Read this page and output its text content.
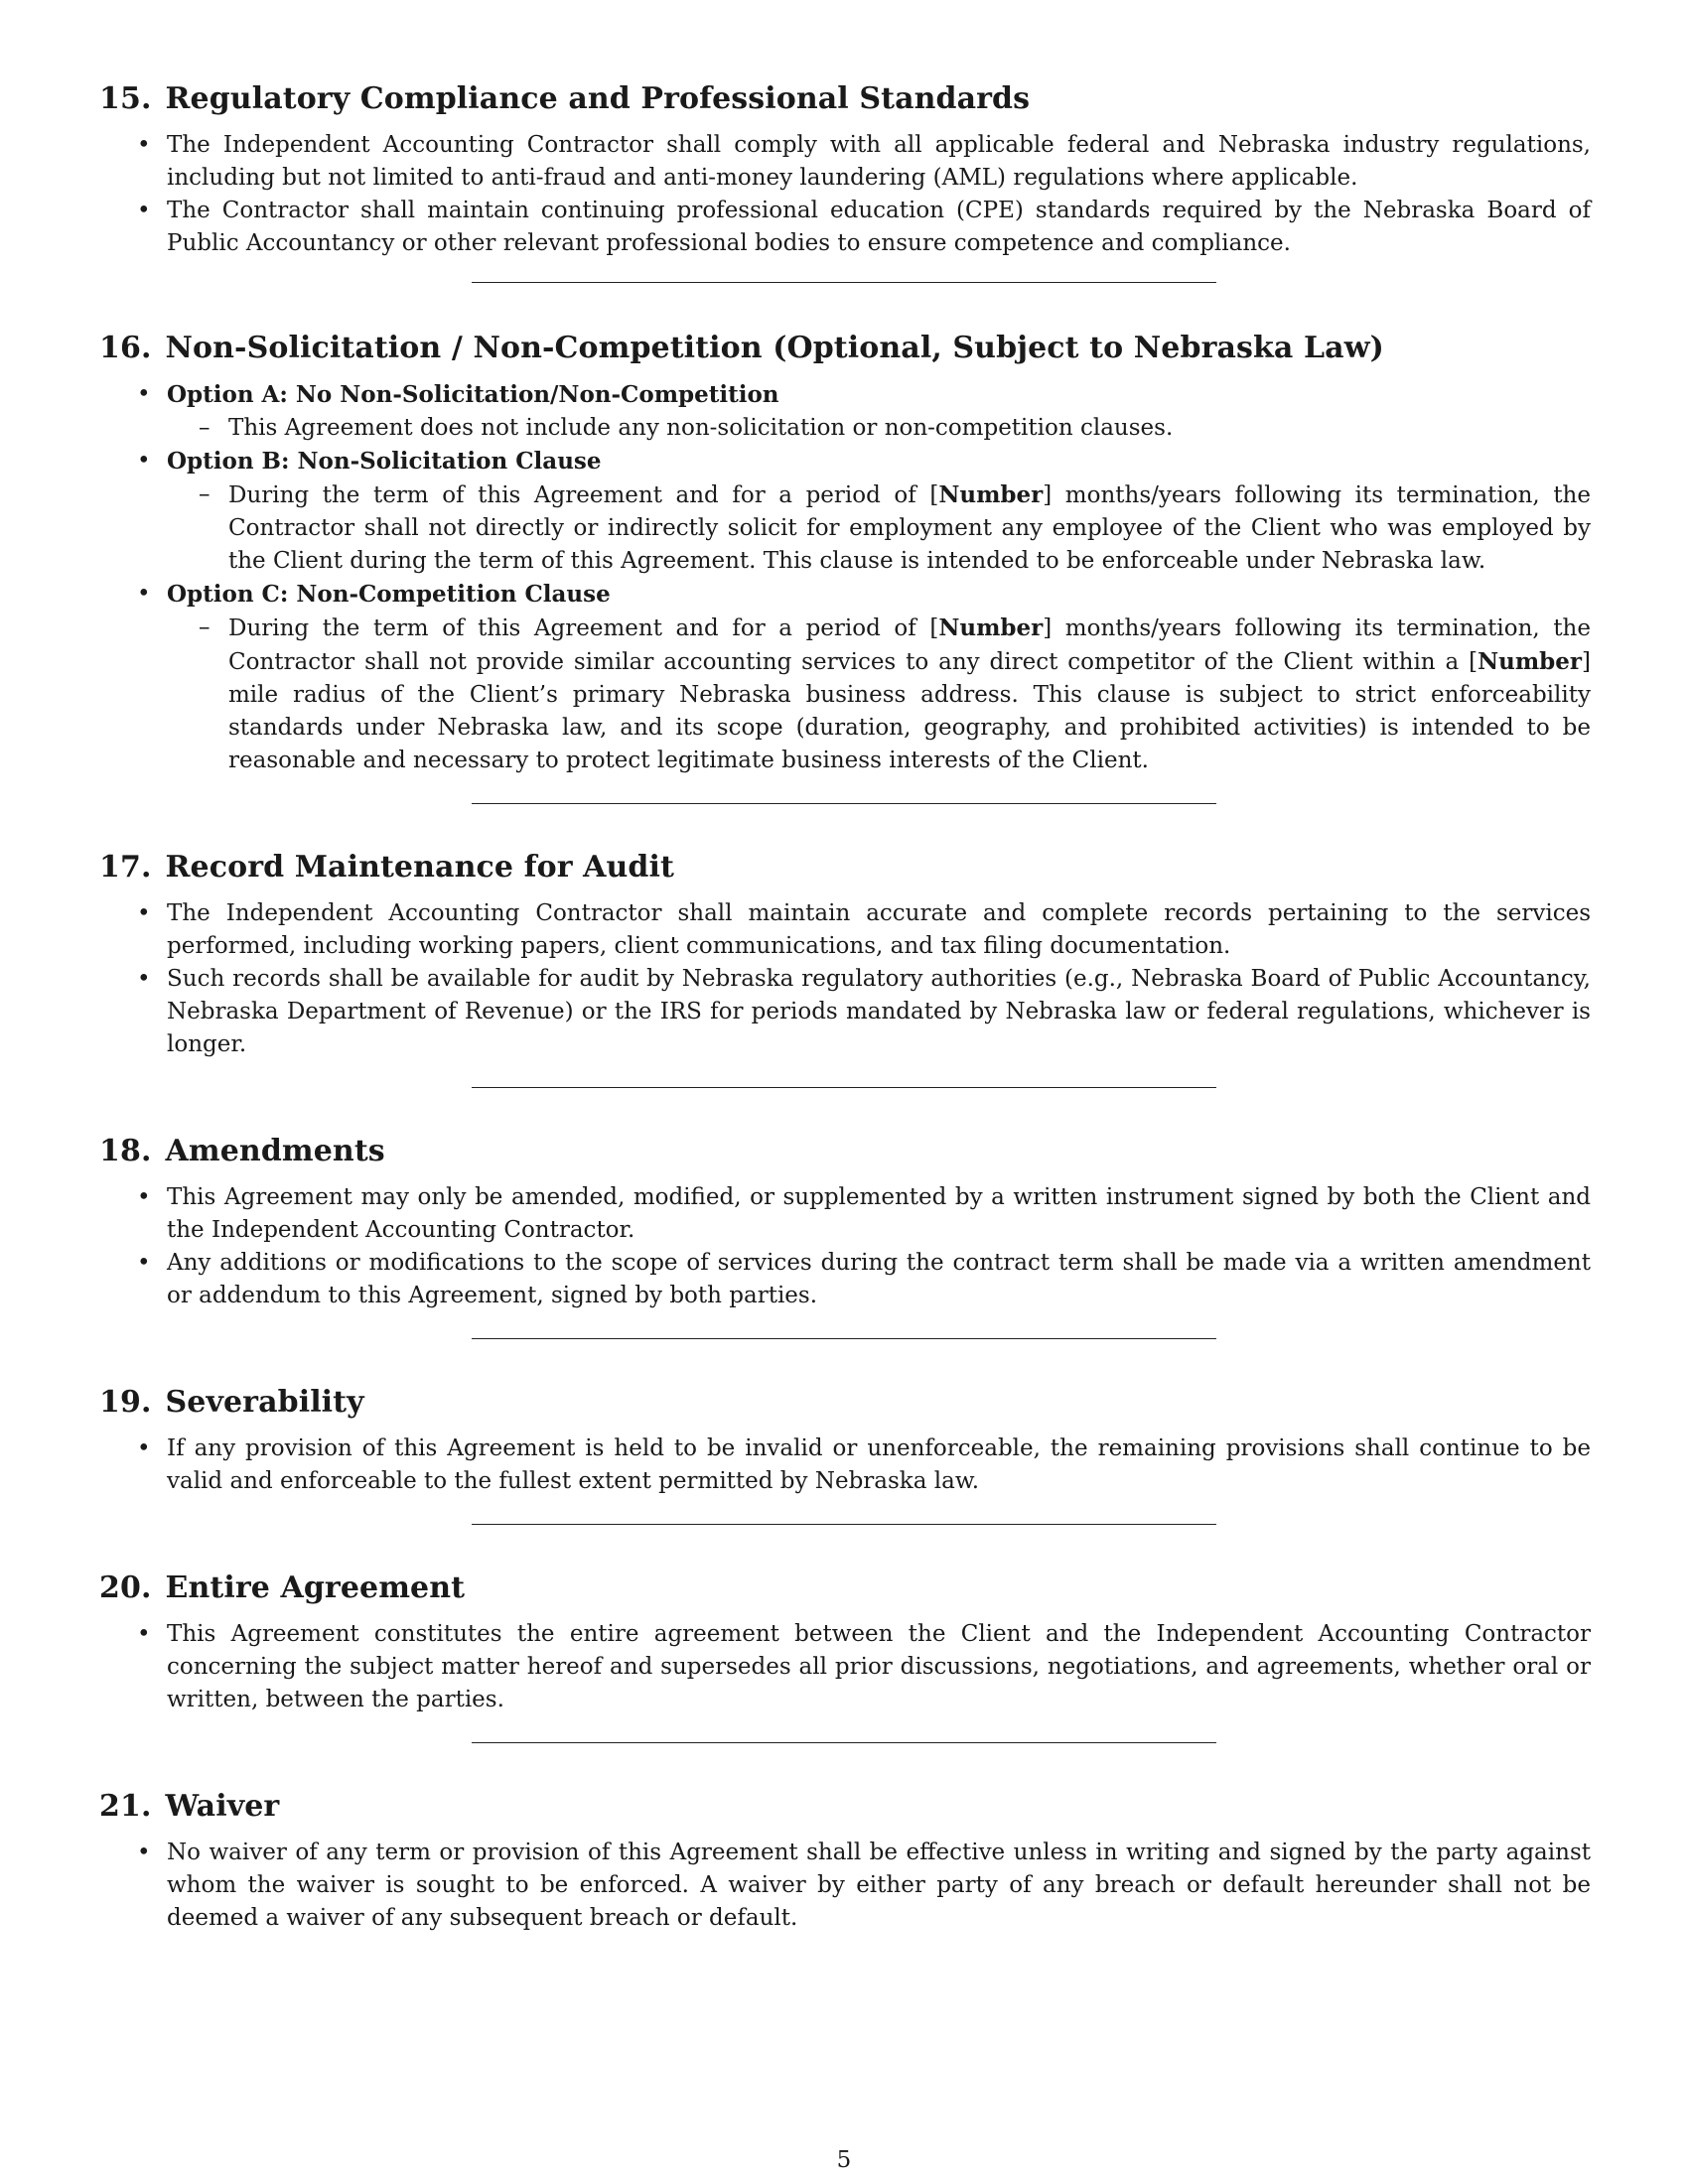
15. Regulatory Compliance and Professional Standards
• The Independent Accounting Contractor shall comply with all applicable federal and Nebraska industry regulations, including but not limited to anti-fraud and anti-money laundering (AML) regulations where applicable.
• The Contractor shall maintain continuing professional education (CPE) standards required by the Nebraska Board of Public Accountancy or other relevant professional bodies to ensure competence and compliance.
16. Non-Solicitation / Non-Competition (Optional, Subject to Nebraska Law)
• Option A: No Non-Solicitation/Non-Competition
– This Agreement does not include any non-solicitation or non-competition clauses.
• Option B: Non-Solicitation Clause
– During the term of this Agreement and for a period of [Number] months/years following its termination, the Contractor shall not directly or indirectly solicit for employment any employee of the Client who was employed by the Client during the term of this Agreement. This clause is intended to be enforceable under Nebraska law.
• Option C: Non-Competition Clause
– During the term of this Agreement and for a period of [Number] months/years following its termination, the Contractor shall not provide similar accounting services to any direct competitor of the Client within a [Number] mile radius of the Client’s primary Nebraska business address. This clause is subject to strict enforceability standards under Nebraska law, and its scope (duration, geography, and prohibited activities) is intended to be reasonable and necessary to protect legitimate business interests of the Client.
17. Record Maintenance for Audit
• The Independent Accounting Contractor shall maintain accurate and complete records pertaining to the services performed, including working papers, client communications, and tax filing documentation.
• Such records shall be available for audit by Nebraska regulatory authorities (e.g., Nebraska Board of Public Accountancy, Nebraska Department of Revenue) or the IRS for periods mandated by Nebraska law or federal regulations, whichever is longer.
18. Amendments
• This Agreement may only be amended, modified, or supplemented by a written instrument signed by both the Client and the Independent Accounting Contractor.
• Any additions or modifications to the scope of services during the contract term shall be made via a written amendment or addendum to this Agreement, signed by both parties.
19. Severability
• If any provision of this Agreement is held to be invalid or unenforceable, the remaining provisions shall continue to be valid and enforceable to the fullest extent permitted by Nebraska law.
20. Entire Agreement
• This Agreement constitutes the entire agreement between the Client and the Independent Accounting Contractor concerning the subject matter hereof and supersedes all prior discussions, negotiations, and agreements, whether oral or written, between the parties.
21. Waiver
• No waiver of any term or provision of this Agreement shall be effective unless in writing and signed by the party against whom the waiver is sought to be enforced. A waiver by either party of any breach or default hereunder shall not be deemed a waiver of any subsequent breach or default.
5
